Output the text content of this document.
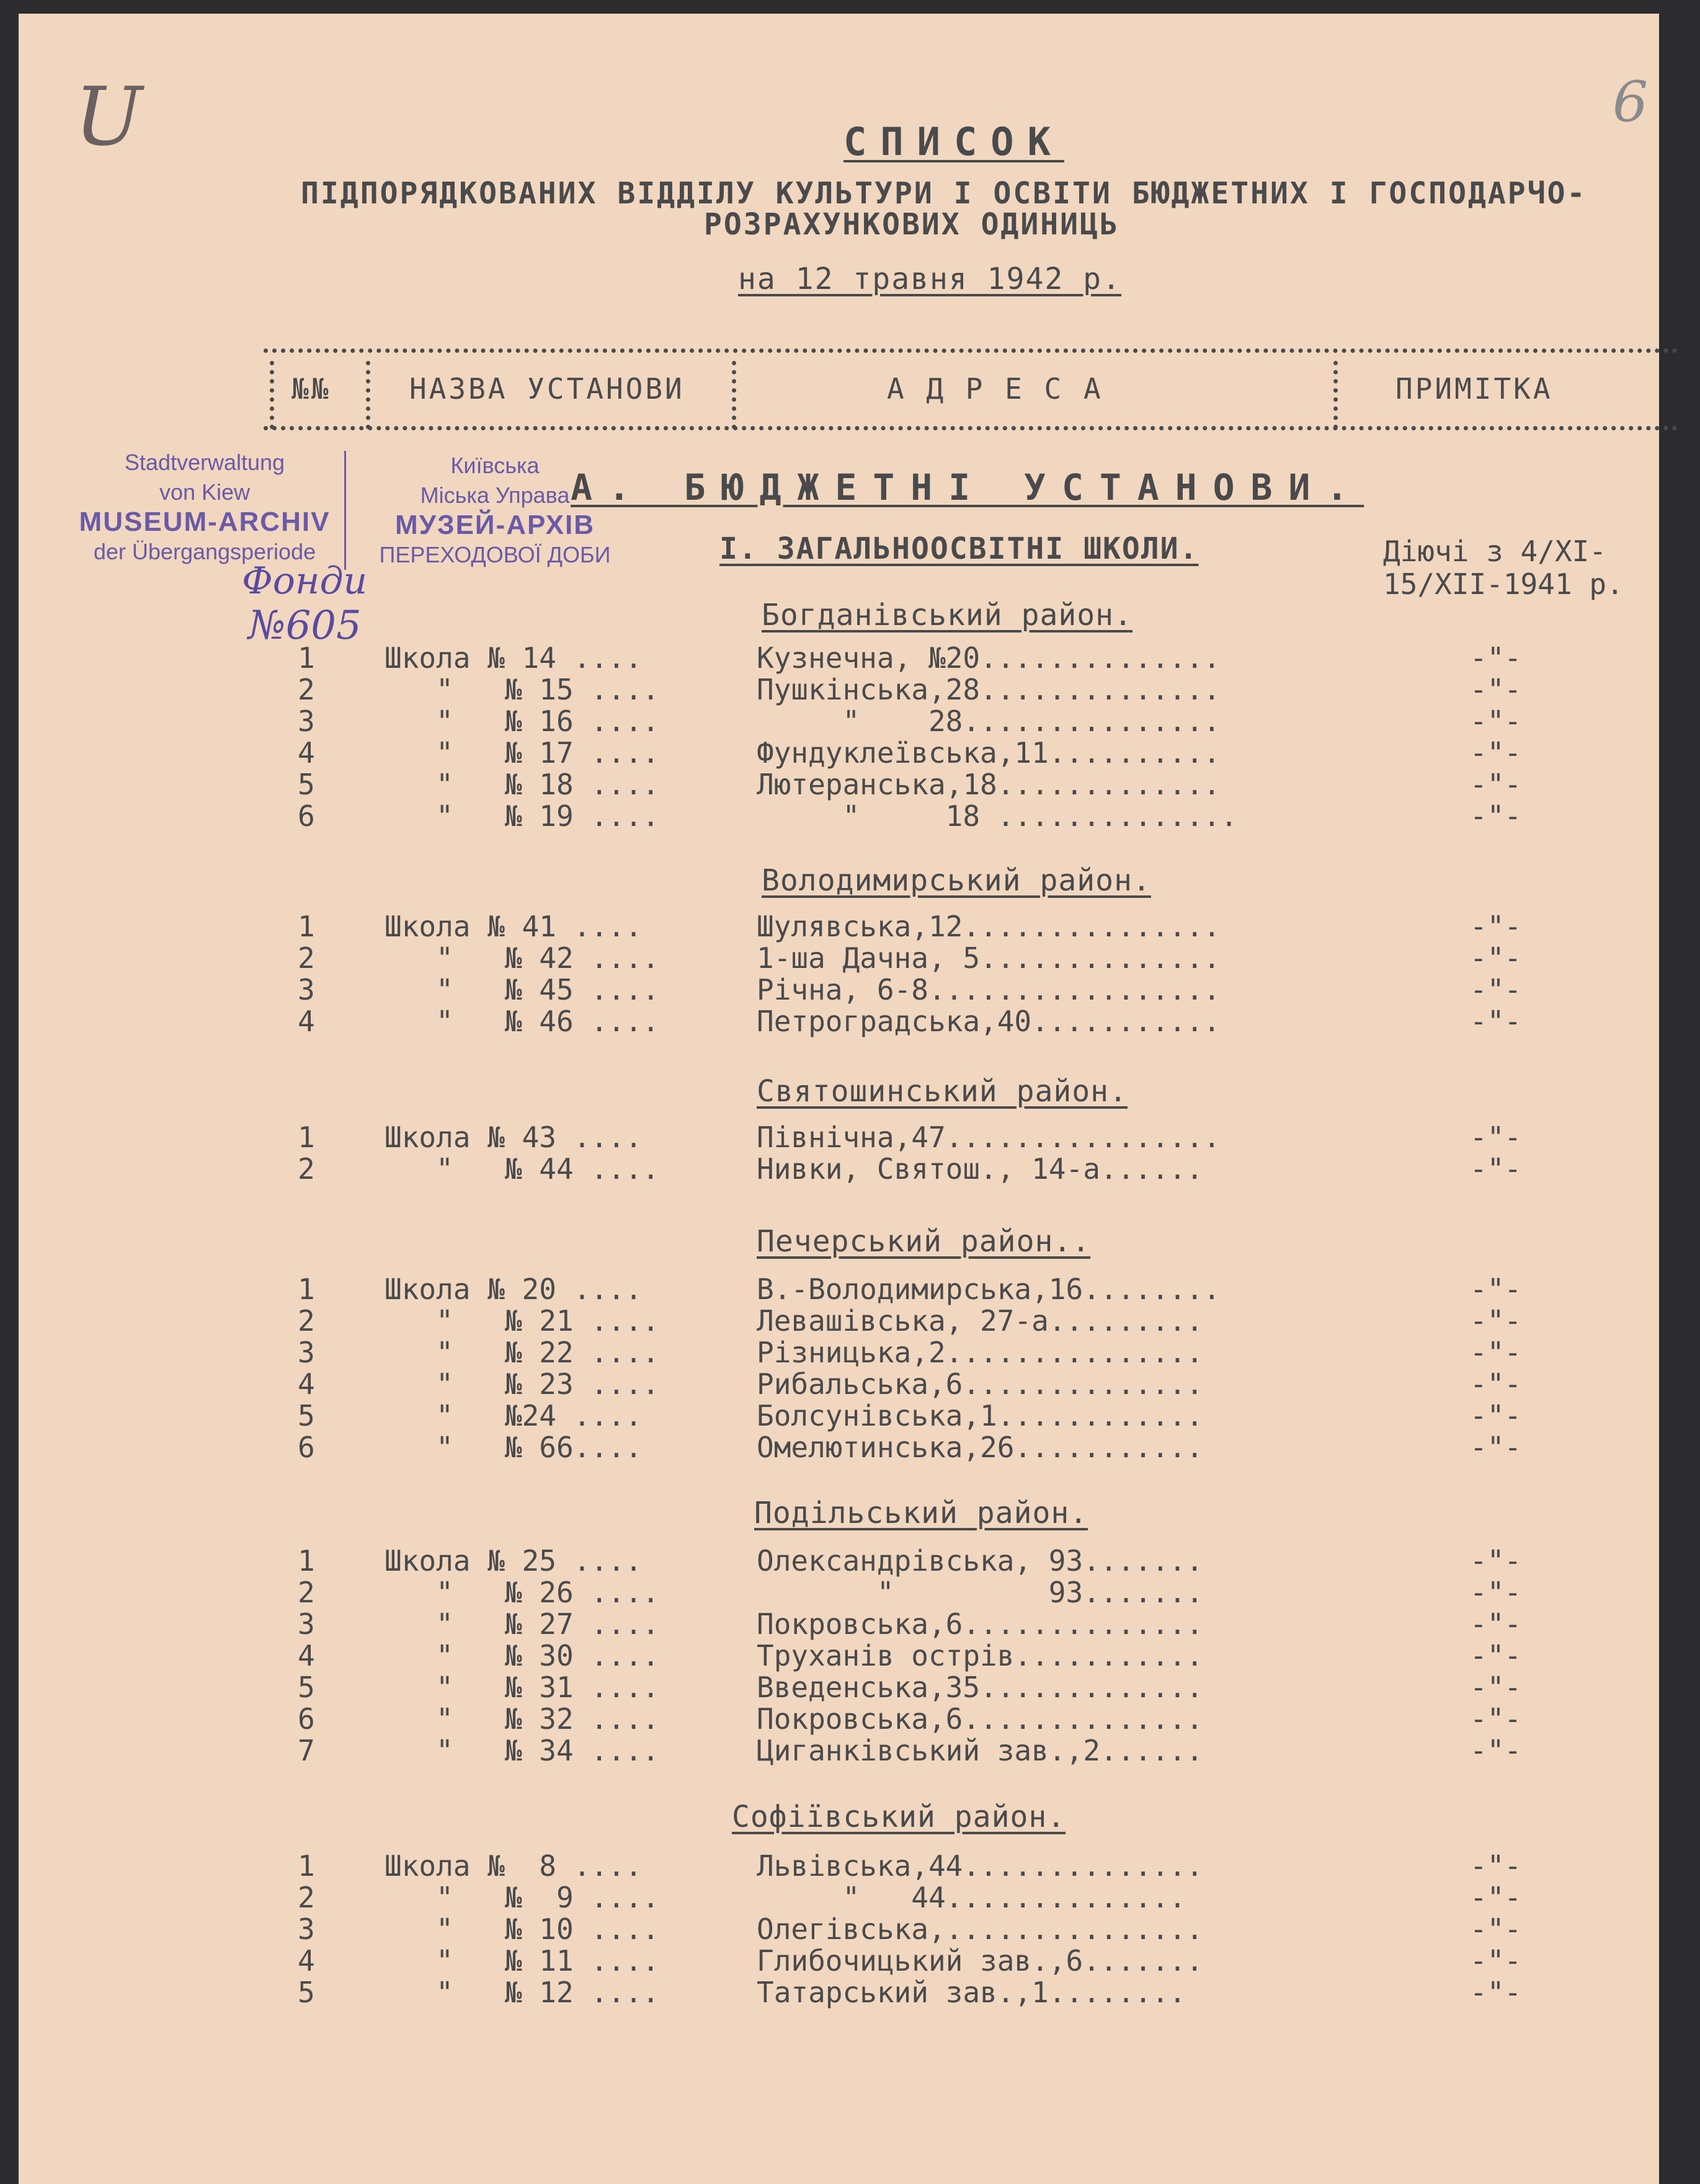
U	6
СПИСОК
ПІДПОРЯДКОВАНИХ ВІДДІЛУ КУЛЬТУРИ І ОСВІТИ БЮДЖЕТНИХ І ГОСПОДАРЧО-
РОЗРАХУНКОВИХ ОДИНИЦЬ
на 12 травня 1942 р.
№№	НАЗВА УСТАНОВИ	А Д Р Е С А	ПРИМІТКА
Stadtverwaltung
von Kiew
MUSEUM-ARCHIV
der Übergangsperiode
Київська
Міська Управа
МУЗЕЙ-АРХІВ
ПЕРЕХОДОВОЇ ДОБИ
Фонди
№605
А. БЮДЖЕТНІ УСТАНОВИ.
І. ЗАГАЛЬНООСВІТНІ ШКОЛИ.	Діючі з 4/XI-
15/XII-1941 р.
Богданівський район.
1 Школа № 14 ....	Кузнечна, №20..............	-"-
2 "   № 15 ....	Пушкінська,28..............	-"-
3 "   № 16 ....	"    28...............	-"-
4 "   № 17 ....	Фундуклеївська,11..........	-"-
5 "   № 18 ....	Лютеранська,18.............	-"-
6 "   № 19 ....	"     18 ..............	-"-
Володимирський район.
1 Школа № 41 ....	Шулявська,12...............	-"-
2 "   № 42 ....	1-ша Дачна, 5..............	-"-
3 "   № 45 ....	Річна, 6-8.................	-"-
4 "   № 46 ....	Петроградська,40...........	-"-
Святошинський район.
1 Школа № 43 ....	Північна,47................	-"-
2 "   № 44 ....	Нивки, Святош., 14-а......	-"-
Печерський район..
1 Школа № 20 ....	В.-Володимирська,16........	-"-
2 "   № 21 ....	Левашівська, 27-а.........	-"-
3 "   № 22 ....	Різницька,2...............	-"-
4 "   № 23 ....	Рибальська,6..............	-"-
5 "   №24 ....	Болсунівська,1............	-"-
6 "   № 66....	Омелютинська,26...........	-"-
Подільський район.
1 Школа № 25 ....	Олександрівська, 93.......	-"-
2 "   № 26 ....	"         93.......	-"-
3 "   № 27 ....	Покровська,6..............	-"-
4 "   № 30 ....	Труханів острів...........	-"-
5 "   № 31 ....	Введенська,35.............	-"-
6 "   № 32 ....	Покровська,6..............	-"-
7 "   № 34 ....	Циганківський зав.,2......	-"-
Софіївський район.
1 Школа №  8 ....	Львівська,44..............	-"-
2 "   №  9 ....	"   44..............	-"-
3 "   № 10 ....	Олегівська,...............	-"-
4 "   № 11 ....	Глибочицький зав.,6.......	-"-
5 "   № 12 ....	Татарський зав.,1........	-"-
